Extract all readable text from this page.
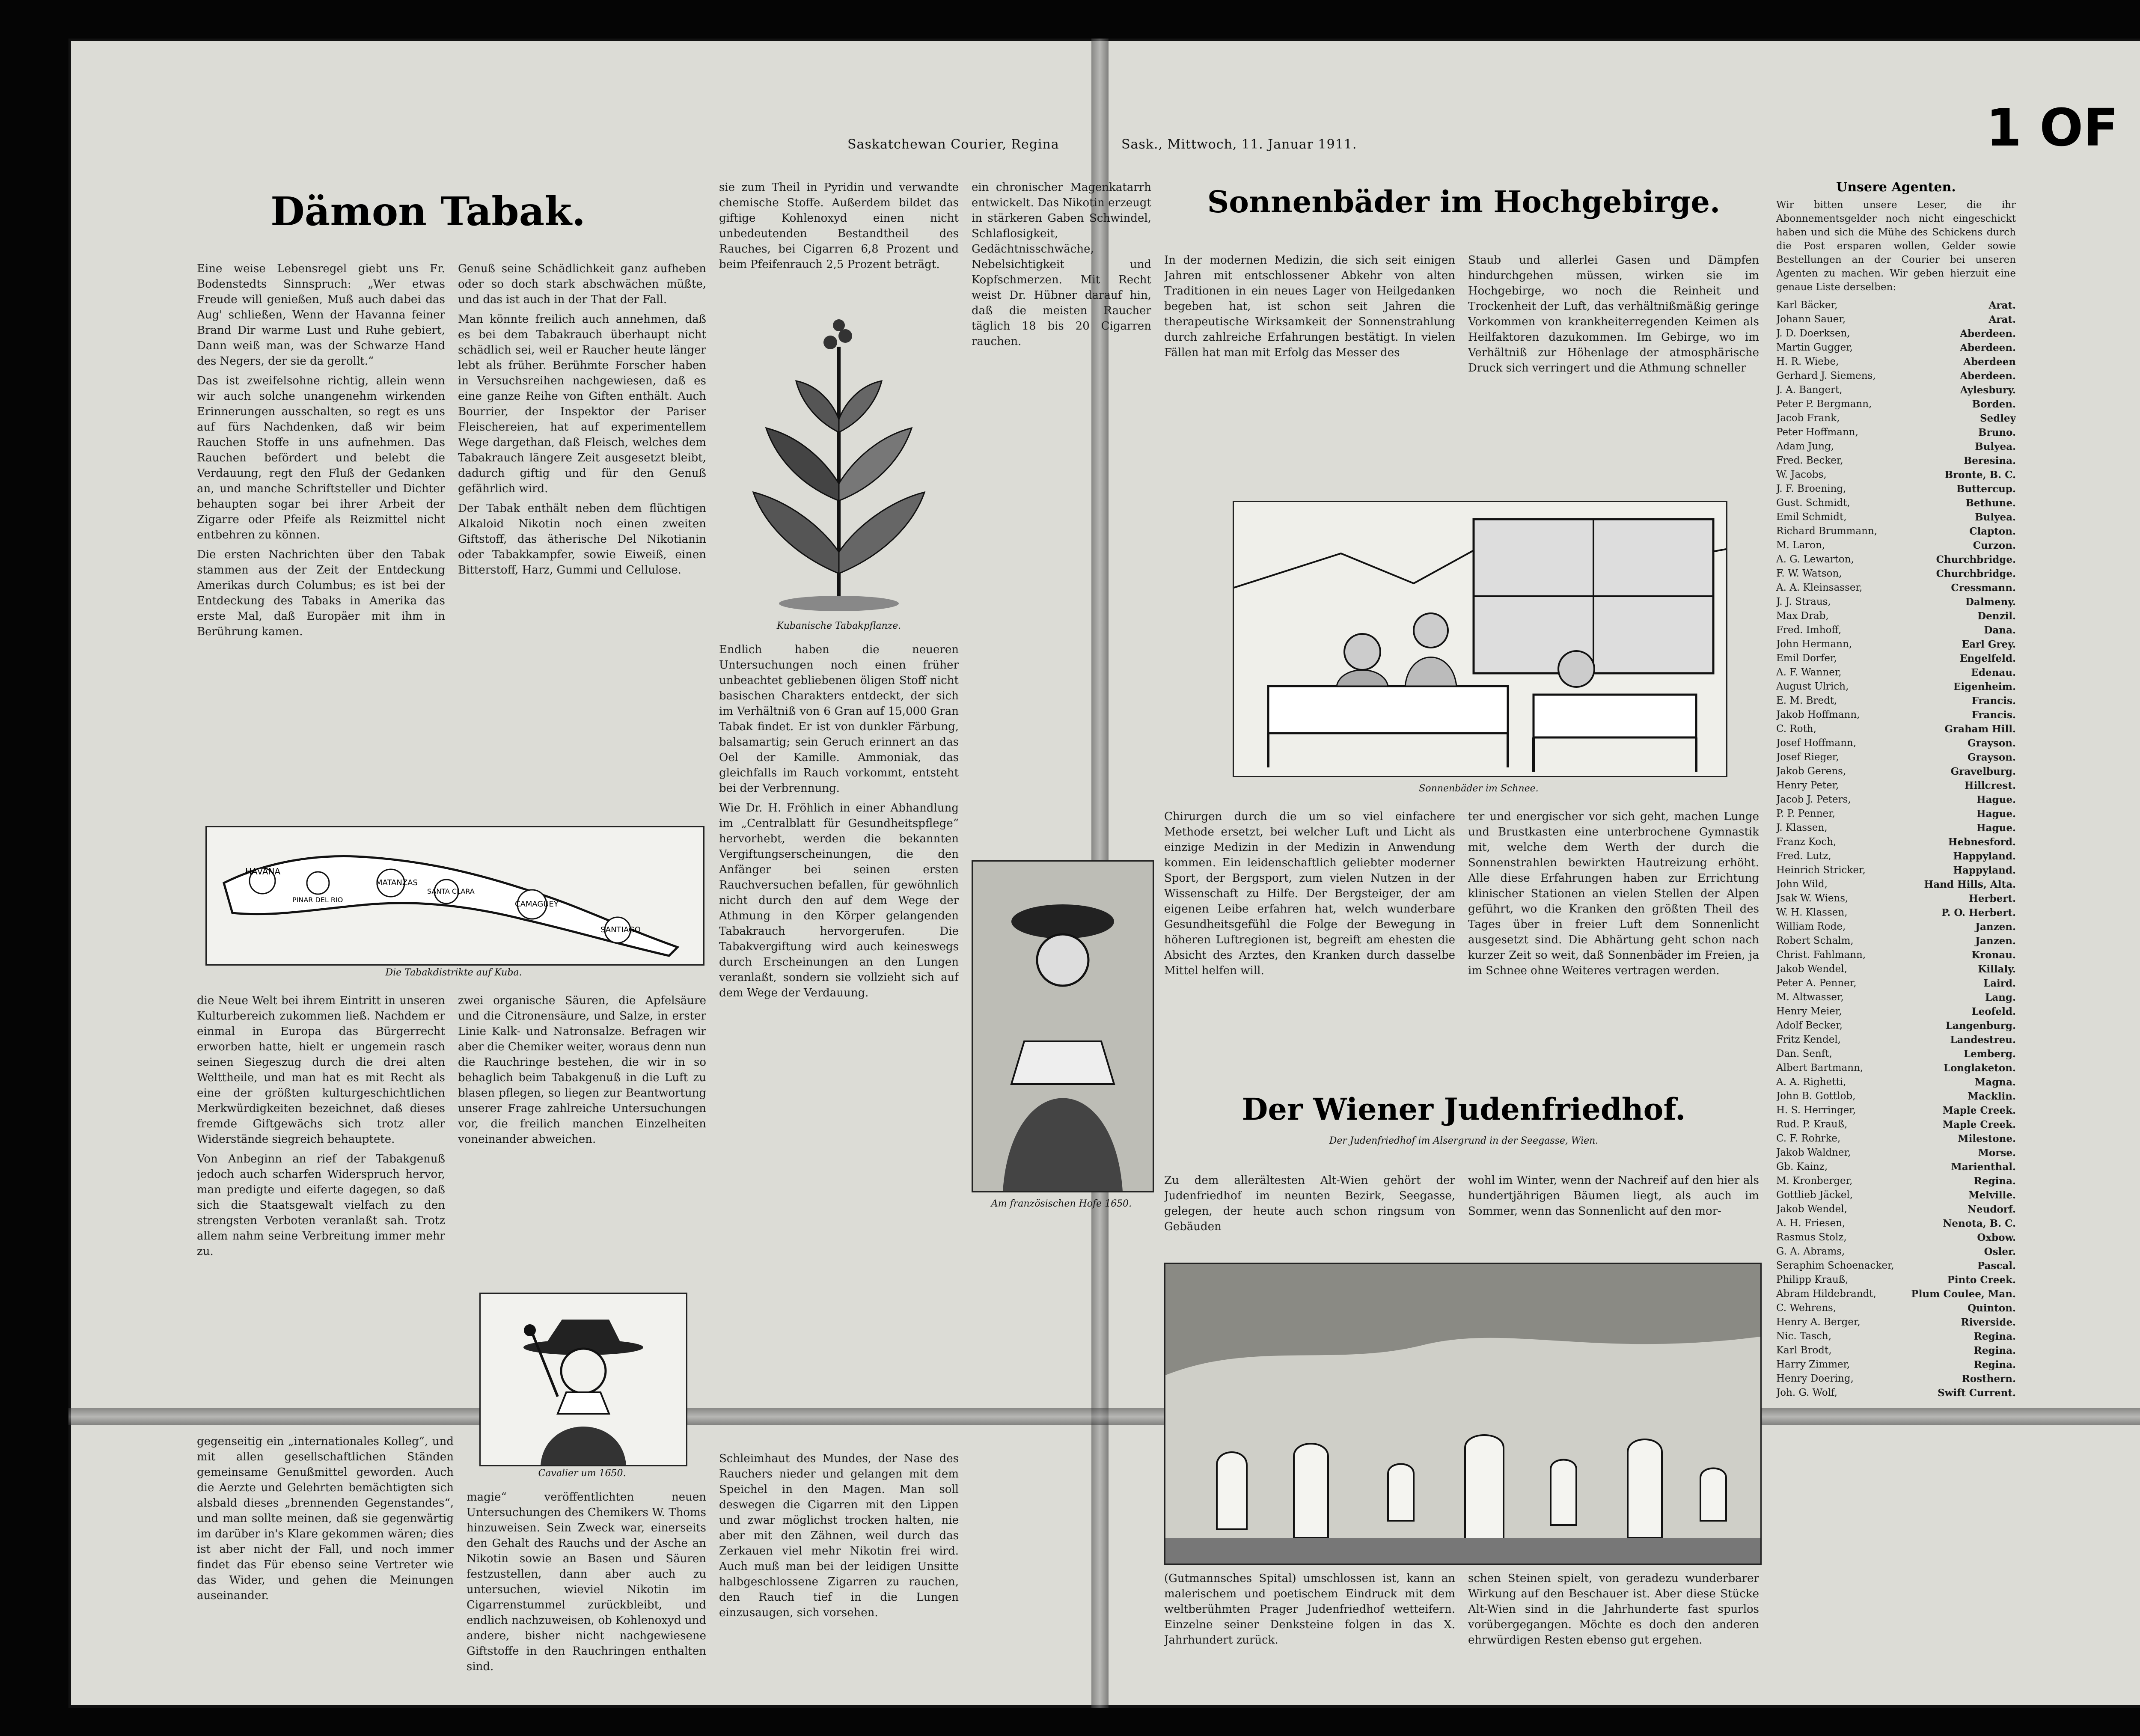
Saskatchewan Courier, Regina	Sask., Mittwoch, 11. Januar 1911.
Dämon Tabak.

Eine weise Lebensregel giebt uns Fr. Bodenstedts Sinnspruch: „Wer etwas Freude will genießen, Muß auch dabei das Aug' schließen, Wenn der Havanna feiner Brand Dir warme Lust und Ruhe gebiert, Dann weiß man, was der Schwarze Hand des Negers, der sie da gerollt.“

Das ist zweifelsohne richtig, allein wenn wir auch solche unangenehm wirkenden Erinnerungen ausschalten, so regt es uns auf fürs Nachdenken, daß wir beim Rauchen Stoffe in uns aufnehmen. Das Rauchen befördert und belebt die Verdauung, regt den Fluß der Gedanken an, und manche Schriftsteller und Dichter behaupten sogar bei ihrer Arbeit der Zigarre oder Pfeife als Reizmittel nicht entbehren zu können.

Die ersten Nachrichten über den Tabak stammen aus der Zeit der Entdeckung Amerikas durch Columbus; es ist bei der Entdeckung des Tabaks in Amerika das erste Mal, daß Europäer mit ihm in Berührung kamen.

Genuß seine Schädlichkeit ganz aufheben oder so doch stark abschwächen müßte, und das ist auch in der That der Fall.

Man könnte freilich auch annehmen, daß es bei dem Tabakrauch überhaupt nicht schädlich sei, weil er Raucher heute länger lebt als früher. Berühmte Forscher haben in Versuchsreihen nachgewiesen, daß es eine ganze Reihe von Giften enthält. Auch Bourrier, der Inspektor der Pariser Fleischereien, hat auf experimentellem Wege dargethan, daß Fleisch, welches dem Tabakrauch längere Zeit ausgesetzt bleibt, dadurch giftig und für den Genuß gefährlich wird.

Der Tabak enthält neben dem flüchtigen Alkaloid Nikotin noch einen zweiten Giftstoff, das ätherische Del Nikotianin oder Tabakkampfer, sowie Eiweiß, einen Bitterstoff, Harz, Gummi und Cellulose.

HAVANA
PINAR DEL RIO
MATANZAS
SANTA CLARA
CAMAGUEY
SANTIAGO
Die Tabakdistrikte auf Kuba.

die Neue Welt bei ihrem Eintritt in unseren Kulturbereich zukommen ließ. Nachdem er einmal in Europa das Bürgerrecht erworben hatte, hielt er ungemein rasch seinen Siegeszug durch die drei alten Welttheile, und man hat es mit Recht als eine der größten kulturgeschichtlichen Merkwürdigkeiten bezeichnet, daß dieses fremde Giftgewächs sich trotz aller Widerstände siegreich behauptete.

Von Anbeginn an rief der Tabakgenuß jedoch auch scharfen Widerspruch hervor, man predigte und eiferte dagegen, so daß sich die Staatsgewalt vielfach zu den strengsten Verboten veranlaßt sah. Trotz allem nahm seine Verbreitung immer mehr zu.

zwei organische Säuren, die Apfelsäure und die Citronensäure, und Salze, in erster Linie Kalk- und Natronsalze. Befragen wir aber die Chemiker weiter, woraus denn nun die Rauchringe bestehen, die wir in so behaglich beim Tabakgenuß in die Luft zu blasen pflegen, so liegen zur Beantwortung unserer Frage zahlreiche Untersuchungen vor, die freilich manchen Einzelheiten voneinander abweichen.

Cavalier um 1650.

gegenseitig ein „internationales Kolleg“, und mit allen gesellschaftlichen Ständen gemeinsame Genußmittel geworden. Auch die Aerzte und Gelehrten bemächtigten sich alsbald dieses „brennenden Gegenstandes“, und man sollte meinen, daß sie gegenwärtig im darüber in's Klare gekommen wären; dies ist aber nicht der Fall, und noch immer findet das Für ebenso seine Vertreter wie das Wider, und gehen die Meinungen auseinander.

magie“ veröffentlichten neuen Untersuchungen des Chemikers W. Thoms hinzuweisen. Sein Zweck war, einerseits den Gehalt des Rauchs und der Asche an Nikotin sowie an Basen und Säuren festzustellen, dann aber auch zu untersuchen, wieviel Nikotin im Cigarrenstummel zurückbleibt, und endlich nachzuweisen, ob Kohlenoxyd und andere, bisher nicht nachgewiesene Giftstoffe in den Rauchringen enthalten sind.

sie zum Theil in Pyridin und verwandte chemische Stoffe. Außerdem bildet das giftige Kohlenoxyd einen nicht unbedeutenden Bestandtheil des Rauches, bei Cigarren 6,8 Prozent und beim Pfeifenrauch 2,5 Prozent beträgt.

Kubanische Tabakpflanze.

Endlich haben die neueren Untersuchungen noch einen früher unbeachtet gebliebenen öligen Stoff nicht basischen Charakters entdeckt, der sich im Verhältniß von 6 Gran auf 15,000 Gran Tabak findet. Er ist von dunkler Färbung, balsamartig; sein Geruch erinnert an das Oel der Kamille. Ammoniak, das gleichfalls im Rauch vorkommt, entsteht bei der Verbrennung.

Wie Dr. H. Fröhlich in einer Abhandlung im „Centralblatt für Gesundheitspflege“ hervorhebt, werden die bekannten Vergiftungserscheinungen, die den Anfänger bei seinen ersten Rauchversuchen befallen, für gewöhnlich nicht durch den auf dem Wege der Athmung in den Körper gelangenden Tabakrauch hervorgerufen. Die Tabakvergiftung wird auch keineswegs durch Erscheinungen an den Lungen veranlaßt, sondern sie vollzieht sich auf dem Wege der Verdauung.

Schleimhaut des Mundes, der Nase des Rauchers nieder und gelangen mit dem Speichel in den Magen. Man soll deswegen die Cigarren mit den Lippen und zwar möglichst trocken halten, nie aber mit den Zähnen, weil durch das Zerkauen viel mehr Nikotin frei wird. Auch muß man bei der leidigen Unsitte halbgeschlossene Zigarren zu rauchen, den Rauch tief in die Lungen einzusaugen, sich vorsehen.

ein chronischer Magenkatarrh entwickelt. Das Nikotin erzeugt in stärkeren Gaben Schwindel, Schlaflosigkeit, Gedächtnisschwäche, Nebelsichtigkeit und Kopfschmerzen. Mit Recht weist Dr. Hübner darauf hin, daß die meisten Raucher täglich 18 bis 20 Cigarren rauchen.

Am französischen Hofe 1650.
Sonnenbäder im Hochgebirge.

In der modernen Medizin, die sich seit einigen Jahren mit entschlossener Abkehr von alten Traditionen in ein neues Lager von Heilgedanken begeben hat, ist schon seit Jahren die therapeutische Wirksamkeit der Sonnenstrahlung durch zahlreiche Erfahrungen bestätigt. In vielen Fällen hat man mit Erfolg das Messer des

Staub und allerlei Gasen und Dämpfen hindurchgehen müssen, wirken sie im Hochgebirge, wo noch die Reinheit und Trockenheit der Luft, das verhältnißmäßig geringe Vorkommen von krankheiterregenden Keimen als Heilfaktoren dazukommen. Im Gebirge, wo im Verhältniß zur Höhenlage der atmosphärische Druck sich verringert und die Athmung schneller

Sonnenbäder im Schnee.

Chirurgen durch die um so viel einfachere Methode ersetzt, bei welcher Luft und Licht als einzige Medizin in der Medizin in Anwendung kommen. Ein leidenschaftlich geliebter moderner Sport, der Bergsport, zum vielen Nutzen in der Wissenschaft zu Hilfe. Der Bergsteiger, der am eigenen Leibe erfahren hat, welch wunderbare Gesundheitsgefühl die Folge der Bewegung in höheren Luftregionen ist, begreift am ehesten die Absicht des Arztes, den Kranken durch dasselbe Mittel helfen will.

ter und energischer vor sich geht, machen Lunge und Brustkasten eine unterbrochene Gymnastik mit, welche dem Werth der durch die Sonnenstrahlen bewirkten Hautreizung erhöht. Alle diese Erfahrungen haben zur Errichtung klinischer Stationen an vielen Stellen der Alpen geführt, wo die Kranken den größten Theil des Tages über in freier Luft dem Sonnenlicht ausgesetzt sind. Die Abhärtung geht schon nach kurzer Zeit so weit, daß Sonnenbäder im Freien, ja im Schnee ohne Weiteres vertragen werden.

Der Wiener Judenfriedhof.
Der Judenfriedhof im Alsergrund in der Seegasse, Wien.

Zu dem allerältesten Alt-Wien gehört der Judenfriedhof im neunten Bezirk, Seegasse, gelegen, der heute auch schon ringsum von Gebäuden

wohl im Winter, wenn der Nachreif auf den hier als hundertjährigen Bäumen liegt, als auch im Sommer, wenn das Sonnenlicht auf den mor-

(Gutmannsches Spital) umschlossen ist, kann an malerischem und poetischem Eindruck mit dem weltberühmten Prager Judenfriedhof wetteifern. Einzelne seiner Denksteine folgen in das X. Jahrhundert zurück.

schen Steinen spielt, von geradezu wunderbarer Wirkung auf den Beschauer ist. Aber diese Stücke Alt-Wien sind in die Jahrhunderte fast spurlos vorübergegangen. Möchte es doch den anderen ehrwürdigen Resten ebenso gut ergehen.

Unsere Agenten.
Wir bitten unsere Leser, die ihr Abonnementsgelder noch nicht eingeschickt haben und sich die Mühe des Schickens durch die Post ersparen wollen, Gelder sowie Bestellungen an der Courier bei unseren Agenten zu machen. Wir geben hierzuit eine genaue Liste derselben:
Karl Bäcker,	Arat.
Johann Sauer,	Arat.
J. D. Doerksen,	Aberdeen.
Martin Gugger,	Aberdeen.
H. R. Wiebe,	Aberdeen
Gerhard J. Siemens,	Aberdeen.
J. A. Bangert,	Aylesbury.
Peter P. Bergmann,	Borden.
Jacob Frank,	Sedley
Peter Hoffmann,	Bruno.
Adam Jung,	Bulyea.
Fred. Becker,	Beresina.
W. Jacobs,	Bronte, B. C.
J. F. Broening,	Buttercup.
Gust. Schmidt,	Bethune.
Emil Schmidt,	Bulyea.
Richard Brummann,	Clapton.
M. Laron,	Curzon.
A. G. Lewarton,	Churchbridge.
F. W. Watson,	Churchbridge.
A. A. Kleinsasser,	Cressmann.
J. J. Straus,	Dalmeny.
Max Drab,	Denzil.
Fred. Imhoff,	Dana.
John Hermann,	Earl Grey.
Emil Dorfer,	Engelfeld.
A. F. Wanner,	Edenau.
August Ulrich,	Eigenheim.
E. M. Bredt,	Francis.
Jakob Hoffmann,	Francis.
C. Roth,	Graham Hill.
Josef Hoffmann,	Grayson.
Josef Rieger,	Grayson.
Jakob Gerens,	Gravelburg.
Henry Peter,	Hillcrest.
Jacob J. Peters,	Hague.
P. P. Penner,	Hague.
J. Klassen,	Hague.
Franz Koch,	Hebnesford.
Fred. Lutz,	Happyland.
Heinrich Stricker,	Happyland.
John Wild,	Hand Hills, Alta.
Jsak W. Wiens,	Herbert.
W. H. Klassen,	P. O. Herbert.
William Rode,	Janzen.
Robert Schalm,	Janzen.
Christ. Fahlmann,	Kronau.
Jakob Wendel,	Killaly.
Peter A. Penner,	Laird.
M. Altwasser,	Lang.
Henry Meier,	Leofeld.
Adolf Becker,	Langenburg.
Fritz Kendel,	Landestreu.
Dan. Senft,	Lemberg.
Albert Bartmann,	Longlaketon.
A. A. Righetti,	Magna.
John B. Gottlob,	Macklin.
H. S. Herringer,	Maple Creek.
Rud. P. Krauß,	Maple Creek.
C. F. Rohrke,	Milestone.
Jakob Waldner,	Morse.
Gb. Kainz,	Marienthal.
M. Kronberger,	Regina.
Gottlieb Jäckel,	Melville.
Jakob Wendel,	Neudorf.
A. H. Friesen,	Nenota, B. C.
Rasmus Stolz,	Oxbow.
G. A. Abrams,	Osler.
Seraphim Schoenacker,	Pascal.
Philipp Krauß,	Pinto Creek.
Abram Hildebrandt,	Plum Coulee, Man.
C. Wehrens,	Quinton.
Henry A. Berger,	Riverside.
Nic. Tasch,	Regina.
Karl Brodt,	Regina.
Harry Zimmer,	Regina.
Henry Doering,	Rosthern.
Joh. G. Wolf,	Swift Current.
1 OF
